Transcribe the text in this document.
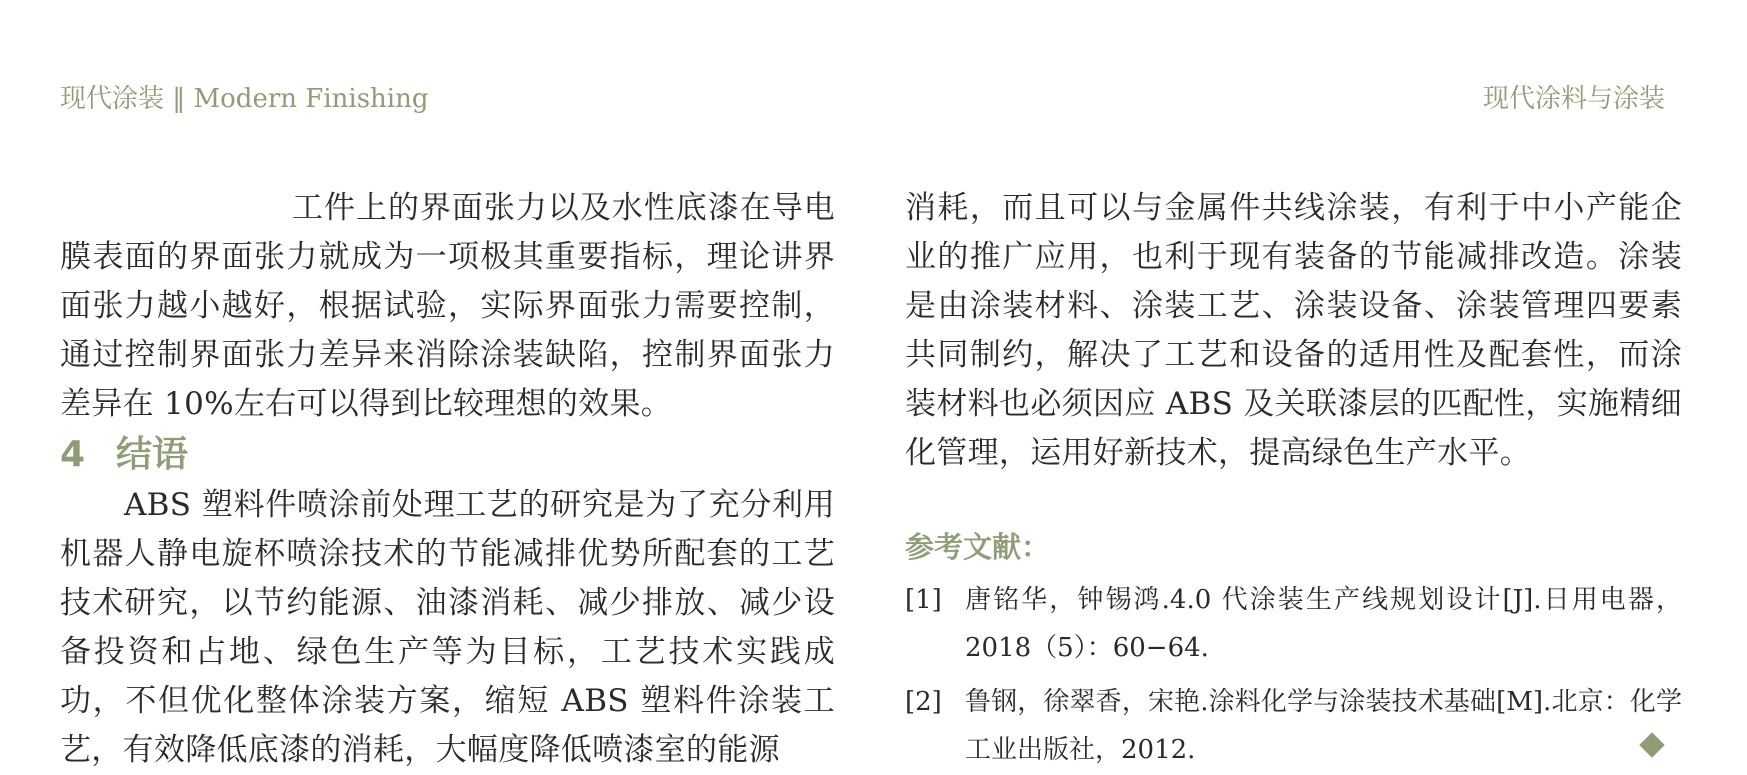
现代涂装 ‖ Modern Finishing	现代涂料与涂装

工件上的界面张力以及水性底漆在导电膜表面的界面张力就成为一项极其重要指标，理论讲界面张力越小越好，根据试验，实际界面张力需要控制，通过控制界面张力差异来消除涂装缺陷，控制界面张力差异在 10%左右可以得到比较理想的效果。

4 结语

ABS 塑料件喷涂前处理工艺的研究是为了充分利用机器人静电旋杯喷涂技术的节能减排优势所配套的工艺技术研究，以节约能源、油漆消耗、减少排放、减少设备投资和占地、绿色生产等为目标，工艺技术实践成功，不但优化整体涂装方案，缩短 ABS 塑料件涂装工艺，有效降低底漆的消耗，大幅度降低喷漆室的能源

消耗，而且可以与金属件共线涂装，有利于中小产能企业的推广应用，也利于现有装备的节能减排改造。涂装是由涂装材料、涂装工艺、涂装设备、涂装管理四要素共同制约，解决了工艺和设备的适用性及配套性，而涂装材料也必须因应 ABS 及关联漆层的匹配性，实施精细化管理，运用好新技术，提高绿色生产水平。

参考文献：
[1] 唐铭华，钟锡鸿.4.0 代涂装生产线规划设计[J].日用电器，2018（5）：60−64.
[2] 鲁钢，徐翠香，宋艳.涂料化学与涂装技术基础[M].北京：化学工业出版社，2012.
